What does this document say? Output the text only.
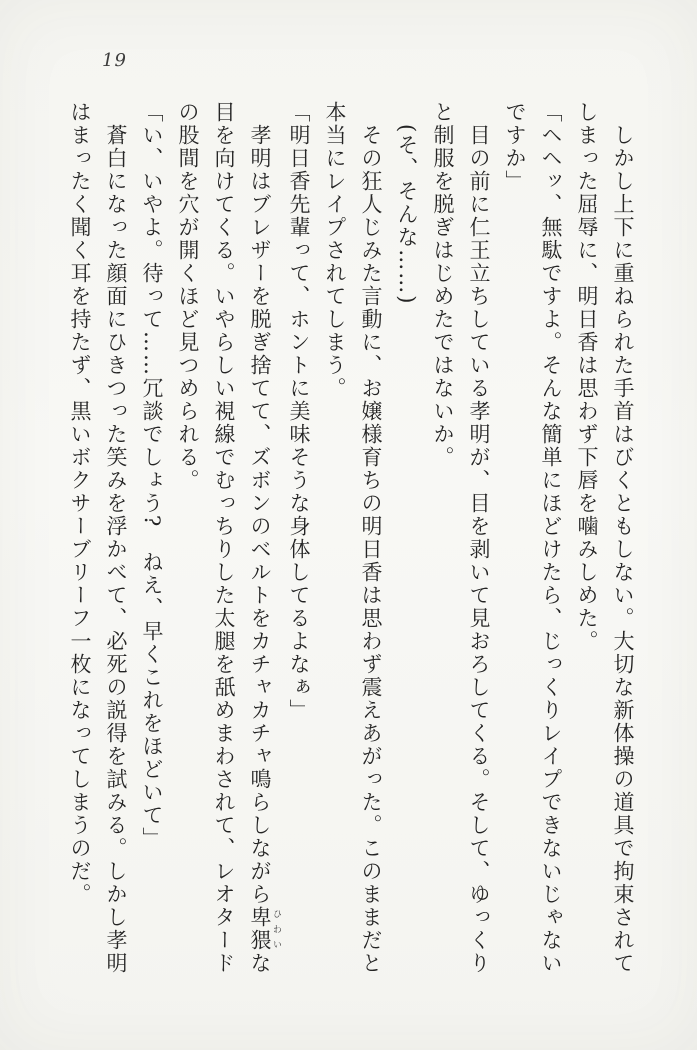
19

しかし上下に重ねられた手首はびくともしない。大切な新体操の道具で拘束されてしまった屈辱に、明日香は思わず下唇を噛みしめた。

「ヘヘッ、無駄ですよ。そんな簡単にほどけたら、じっくりレイプできないじゃないですか」

目の前に仁王立ちしている孝明が、目を剥いて見おろしてくる。そして、ゆっくりと制服を脱ぎはじめたではないか。

(そ、そんな……)

その狂人じみた言動に、お嬢様育ちの明日香は思わず震えあがった。このままだと本当にレイプされてしまう。

「明日香先輩って、ホントに美味そうな身体してるよなぁ」

孝明はブレザーを脱ぎ捨てて、ズボンのベルトをカチャカチャ鳴らしながら卑猥 ひわいな目を向けてくる。いやらしい視線でむっちりした太腿を舐めまわされて、レオタードの股間を穴が開くほど見つめられる。

「い、いやよ。待って……冗談でしょう?　ねえ、早くこれをほどいて」

蒼白になった顔面にひきつった笑みを浮かべて、必死の説得を試みる。しかし孝明はまったく聞く耳を持たず、黒いボクサーブリーフ一枚になってしまうのだ。
